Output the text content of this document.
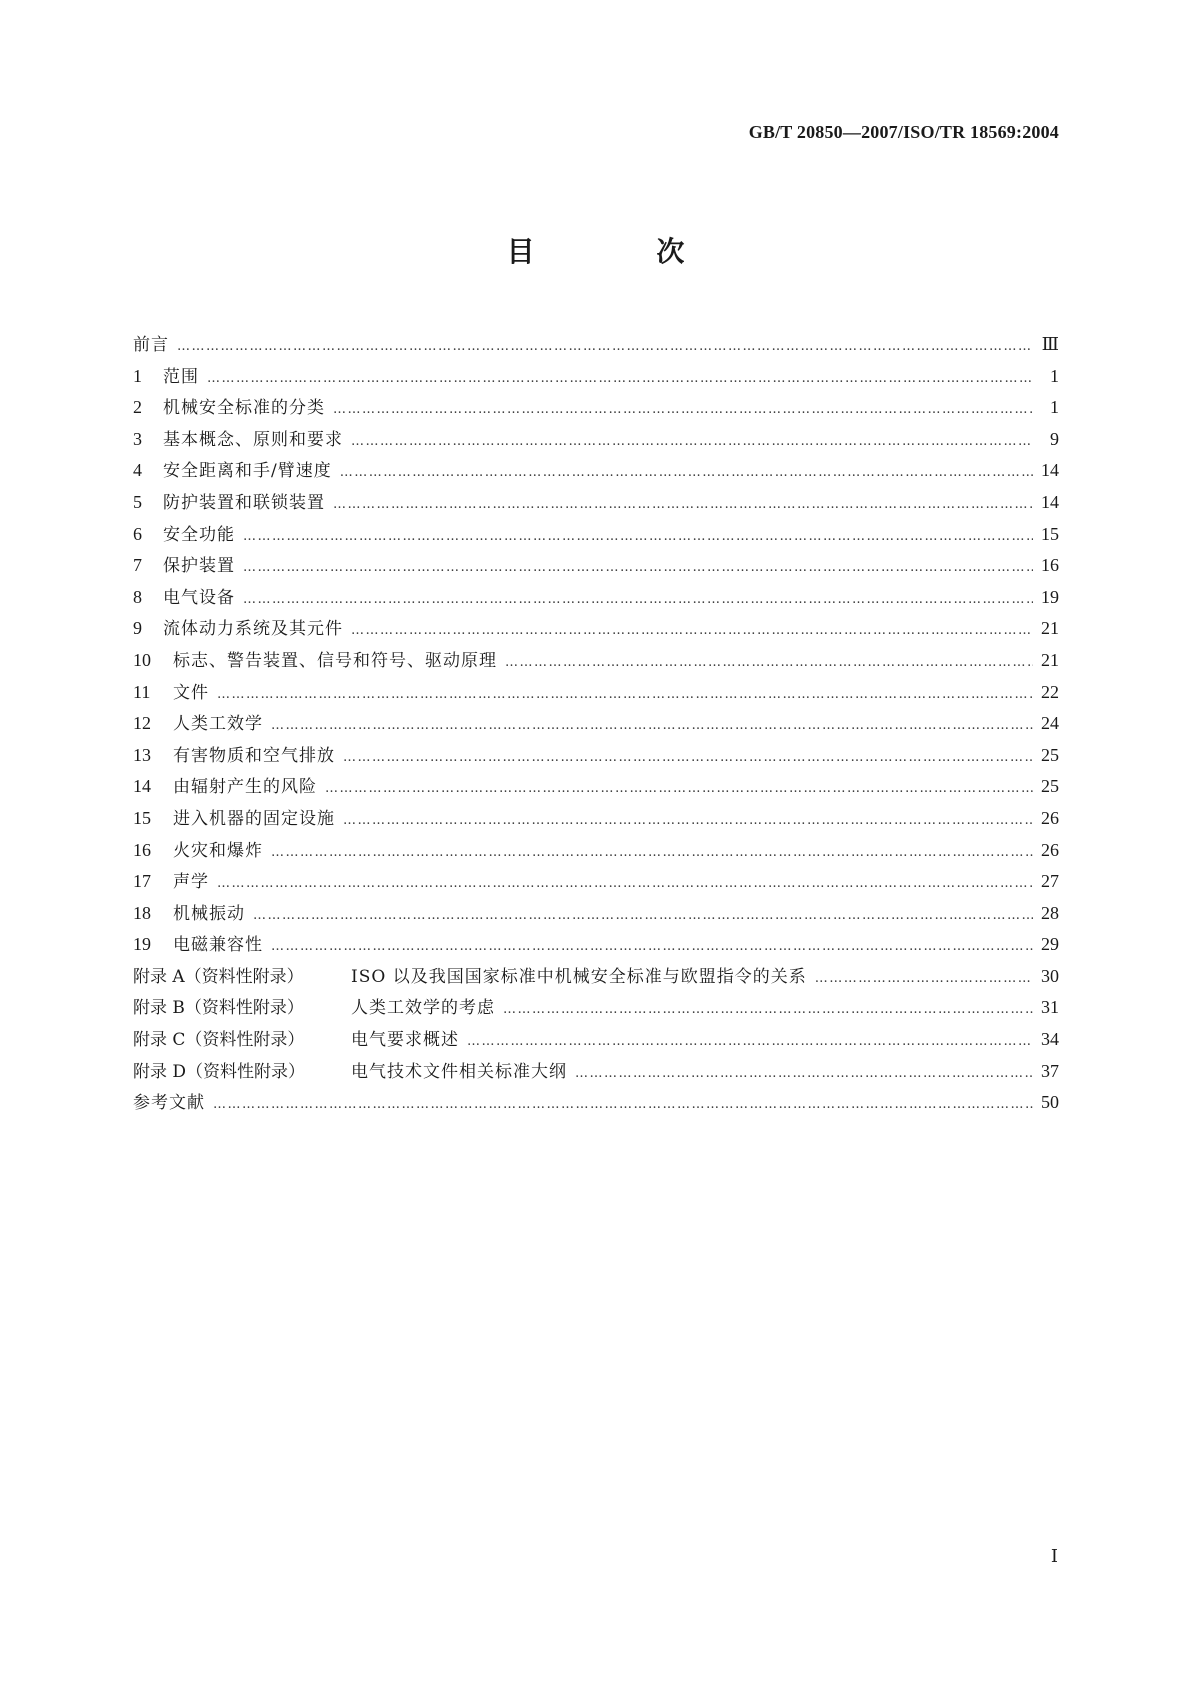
GB/T 20850—2007/ISO/TR 18569:2004
目 次
前言 …………………………………………………………………………………………………………………………………………………………………………………………………………………………	Ⅲ
1	范围 …………………………………………………………………………………………………………………………………………………………………………………………………………………………	1
2	机械安全标准的分类 …………………………………………………………………………………………………………………………………………………………………………………………………………………………	1
3	基本概念、原则和要求 …………………………………………………………………………………………………………………………………………………………………………………………………………………………	9
4	安全距离和手/臂速度 …………………………………………………………………………………………………………………………………………………………………………………………………………………………	14
5	防护装置和联锁装置 …………………………………………………………………………………………………………………………………………………………………………………………………………………………	14
6	安全功能 …………………………………………………………………………………………………………………………………………………………………………………………………………………………	15
7	保护装置 …………………………………………………………………………………………………………………………………………………………………………………………………………………………	16
8	电气设备 …………………………………………………………………………………………………………………………………………………………………………………………………………………………	19
9	流体动力系统及其元件 …………………………………………………………………………………………………………………………………………………………………………………………………………………………	21
10	标志、警告装置、信号和符号、驱动原理 …………………………………………………………………………………………………………………………………………………………………………………………………………………………	21
11	文件 …………………………………………………………………………………………………………………………………………………………………………………………………………………………	22
12	人类工效学 …………………………………………………………………………………………………………………………………………………………………………………………………………………………	24
13	有害物质和空气排放 …………………………………………………………………………………………………………………………………………………………………………………………………………………………	25
14	由辐射产生的风险 …………………………………………………………………………………………………………………………………………………………………………………………………………………………	25
15	进入机器的固定设施 …………………………………………………………………………………………………………………………………………………………………………………………………………………………	26
16	火灾和爆炸 …………………………………………………………………………………………………………………………………………………………………………………………………………………………	26
17	声学 …………………………………………………………………………………………………………………………………………………………………………………………………………………………	27
18	机械振动 …………………………………………………………………………………………………………………………………………………………………………………………………………………………	28
19	电磁兼容性 …………………………………………………………………………………………………………………………………………………………………………………………………………………………	29
附录 A（资料性附录）	ISO 以及我国国家标准中机械安全标准与欧盟指令的关系 …………………………………………………………………………………………………………………………………………………………………………………………………………………………	30
附录 B（资料性附录）	人类工效学的考虑 …………………………………………………………………………………………………………………………………………………………………………………………………………………………	31
附录 C（资料性附录）	电气要求概述 …………………………………………………………………………………………………………………………………………………………………………………………………………………………	34
附录 D（资料性附录）	电气技术文件相关标准大纲 …………………………………………………………………………………………………………………………………………………………………………………………………………………………	37
参考文献 …………………………………………………………………………………………………………………………………………………………………………………………………………………………	50
Ⅰ
